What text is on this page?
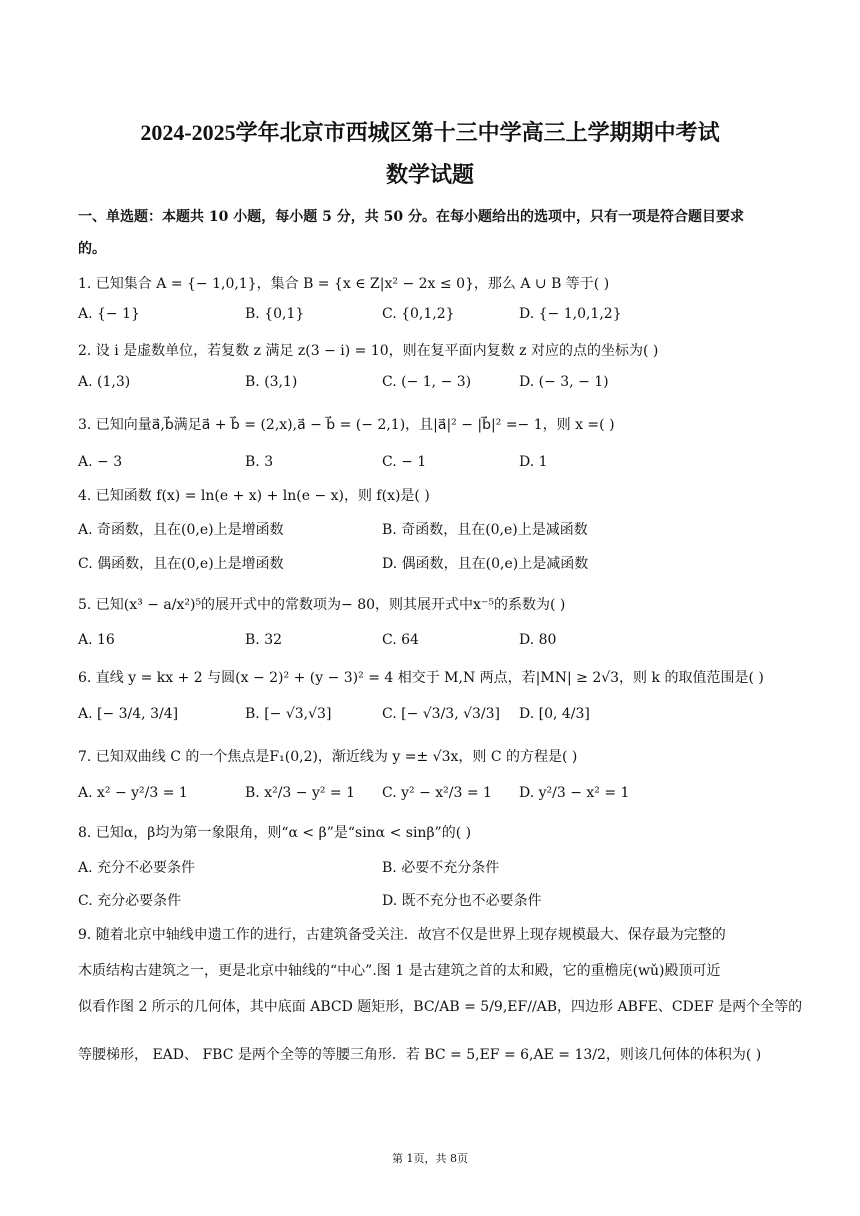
2024-2025学年北京市西城区第十三中学高三上学期期中考试
数学试题
一、单选题：本题共 10 小题，每小题 5 分，共 50 分。在每小题给出的选项中，只有一项是符合题目要求
的。
1. 已知集合 A = {− 1,0,1}，集合 B = {x ∈ Z|x² − 2x ≤ 0}，那么 A ∪ B 等于( )
A. {− 1}	B. {0,1}	C. {0,1,2}	D. {− 1,0,1,2}
2. 设 i 是虚数单位，若复数 z 满足 z(3 − i) = 10，则在复平面内复数 z 对应的点的坐标为( )
A. (1,3)	B. (3,1)	C. (− 1, − 3)	D. (− 3, − 1)
3. 已知向量a⃗,b⃗满足a⃗ + b⃗ = (2,x),a⃗ − b⃗ = (− 2,1)，且|a⃗|² − |b⃗|² =− 1，则 x =( )
A. − 3	B. 3	C. − 1	D. 1
4. 已知函数 f(x) = ln(e + x) + ln(e − x)，则 f(x)是( )
A. 奇函数，且在(0,e)上是增函数	B. 奇函数，且在(0,e)上是减函数
C. 偶函数，且在(0,e)上是增函数	D. 偶函数，且在(0,e)上是减函数
5. 已知(x³ − a/x²)⁵的展开式中的常数项为− 80，则其展开式中x⁻⁵的系数为( )
A. 16	B. 32	C. 64	D. 80
6. 直线 y = kx + 2 与圆(x − 2)² + (y − 3)² = 4 相交于 M,N 两点，若|MN| ≥ 2√3，则 k 的取值范围是( )
A. [− 3/4, 3/4]	B. [− √3,√3]	C. [− √3/3, √3/3] D. [0, 4/3]
7. 已知双曲线 C 的一个焦点是F₁(0,2)，渐近线为 y =± √3x，则 C 的方程是( )
A. x² − y²/3 = 1	B. x²/3 − y² = 1 C. y² − x²/3 = 1 D. y²/3 − x² = 1
8. 已知α，β均为第一象限角，则“α < β”是“sinα < sinβ”的( )
A. 充分不必要条件	B. 必要不充分条件
C. 充分必要条件	D. 既不充分也不必要条件
9. 随着北京中轴线申遗工作的进行，古建筑备受关注．故宫不仅是世界上现存规模最大、保存最为完整的
木质结构古建筑之一，更是北京中轴线的“中心”.图 1 是古建筑之首的太和殿，它的重檐庑(wǔ)殿顶可近
似看作图 2 所示的几何体，其中底面 ABCD 题矩形，BC/AB = 5/9,EF//AB，四边形 ABFE、CDEF 是两个全等的
等腰梯形， EAD、 FBC 是两个全等的等腰三角形．若 BC = 5,EF = 6,AE = 13/2，则该几何体的体积为( )
第 1页，共 8页
